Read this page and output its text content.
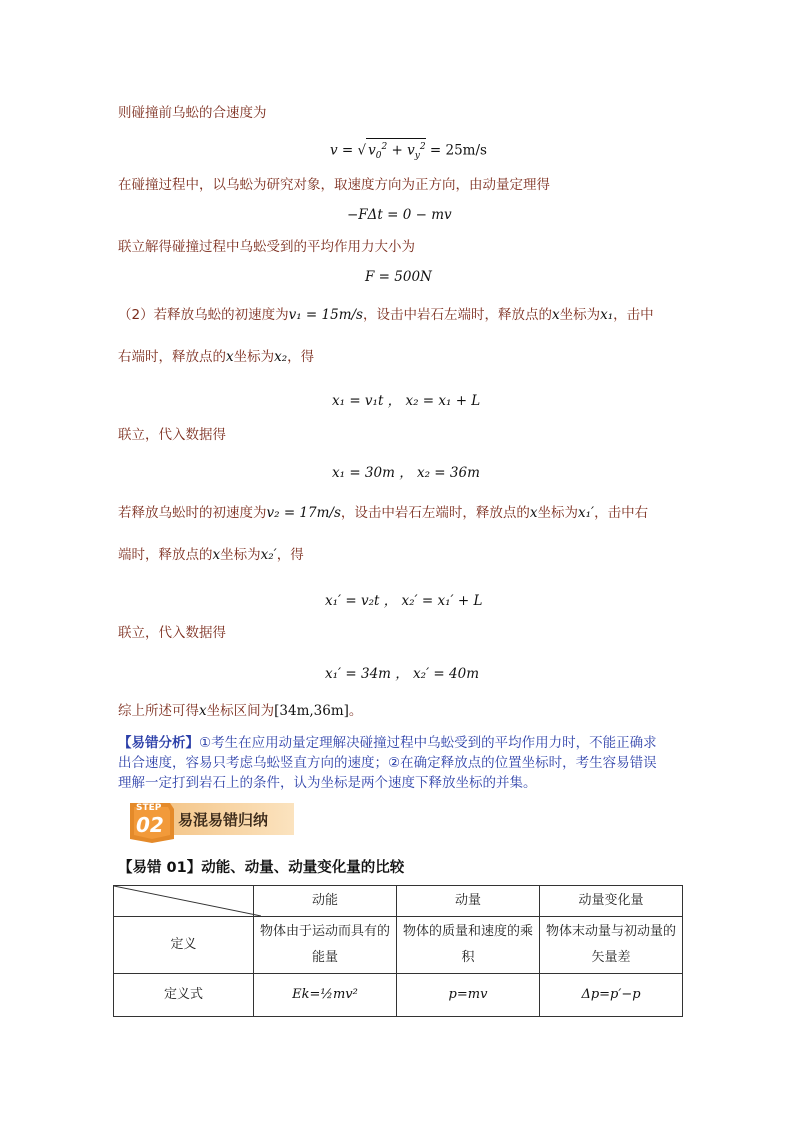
则碰撞前乌蚣的合速度为
v = √ $v_0^2 + v_y^2 = 25m/s$
在碰撞过程中，以乌蚣为研究对象，取速度方向为正方向，由动量定理得
−FΔt = 0 − mv
联立解得碰撞过程中乌蚣受到的平均作用力大小为
F = 500N
（2）若释放乌蚣的初速度为v₁ = 15m/s，设击中岩石左端时，释放点的x坐标为x₁，击中
右端时，释放点的x坐标为x₂，得
x₁ = v₁t ， x₂ = x₁ + L
联立，代入数据得
x₁ = 30m ， x₂ = 36m
若释放乌蚣时的初速度为v₂ = 17m/s，设击中岩石左端时，释放点的x坐标为x₁′，击中右
端时，释放点的x坐标为x₂′，得
x₁′ = v₂t ， x₂′ = x₁′ + L
联立，代入数据得
x₁′ = 34m ， x₂′ = 40m
综上所述可得x坐标区间为[34m,36m]。
【易错分析】①考生在应用动量定理解决碰撞过程中乌蚣受到的平均作用力时，不能正确求
出合速度，容易只考虑乌蚣竖直方向的速度；②在确定释放点的位置坐标时，考生容易错误
理解一定打到岩石上的条件，认为坐标是两个速度下释放坐标的并集。
STEP
02 易混易错归纳
【易错 01】动能、动量、动量变化量的比较
	动能	动量	动量变化量
定义	物体由于运动而具有的能量	物体的质量和速度的乘积	物体末动量与初动量的矢量差
定义式	Ek=½mv²	p=mv	Δp=p′−p
